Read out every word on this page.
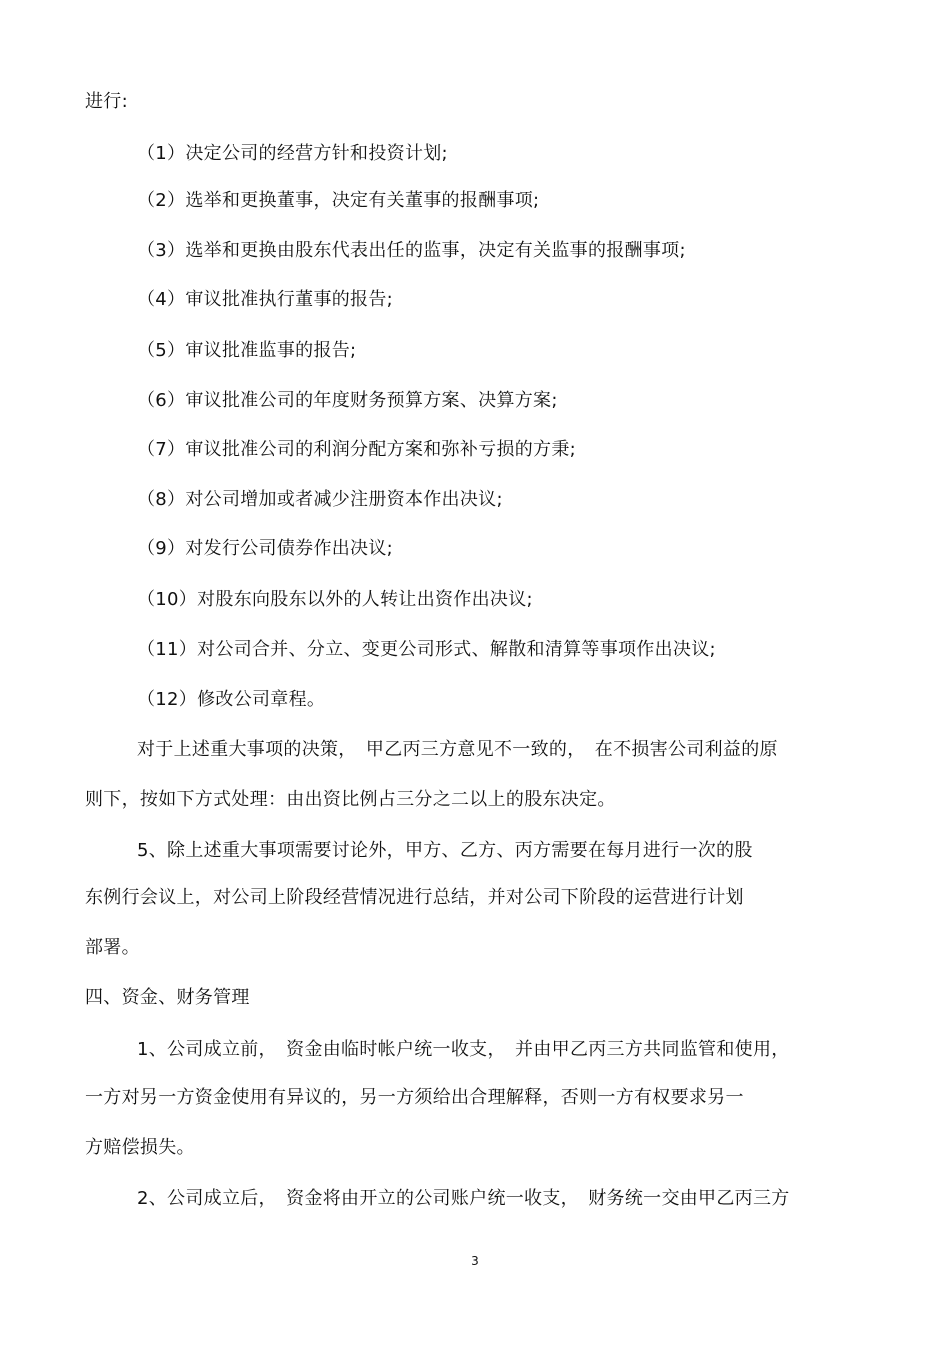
进行:
（1）决定公司的经营方针和投资计划;
（2）选举和更换董事，决定有关董事的报酬事项;
（3）选举和更换由股东代表出任的监事，决定有关监事的报酬事项;
（4）审议批准执行董事的报告;
（5）审议批准监事的报告;
（6）审议批准公司的年度财务预算方案、决算方案;
（7）审议批准公司的利润分配方案和弥补亏损的方秉;
（8）对公司增加或者减少注册资本作出决议;
（9）对发行公司债券作出决议;
（10）对股东向股东以外的人转让出资作出决议;
（11）对公司合并、分立、变更公司形式、解散和清算等事项作出决议;
（12）修改公司章程。
对于上述重大事项的决策，　甲乙丙三方意见不一致的，　在不损害公司利益的原
则下，按如下方式处理：由出资比例占三分之二以上的股东决定。
5、除上述重大事项需要讨论外，甲方、乙方、丙方需要在每月进行一次的股
东例行会议上，对公司上阶段经营情况进行总结，并对公司下阶段的运营进行计划
部署。
四、资金、财务管理
1、公司成立前，　资金由临时帐户统一收支，　并由甲乙丙三方共同监管和使用，
一方对另一方资金使用有异议的，另一方须给出合理解释，否则一方有权要求另一
方赔偿损失。
2、公司成立后，　资金将由开立的公司账户统一收支，　财务统一交由甲乙丙三方
3
